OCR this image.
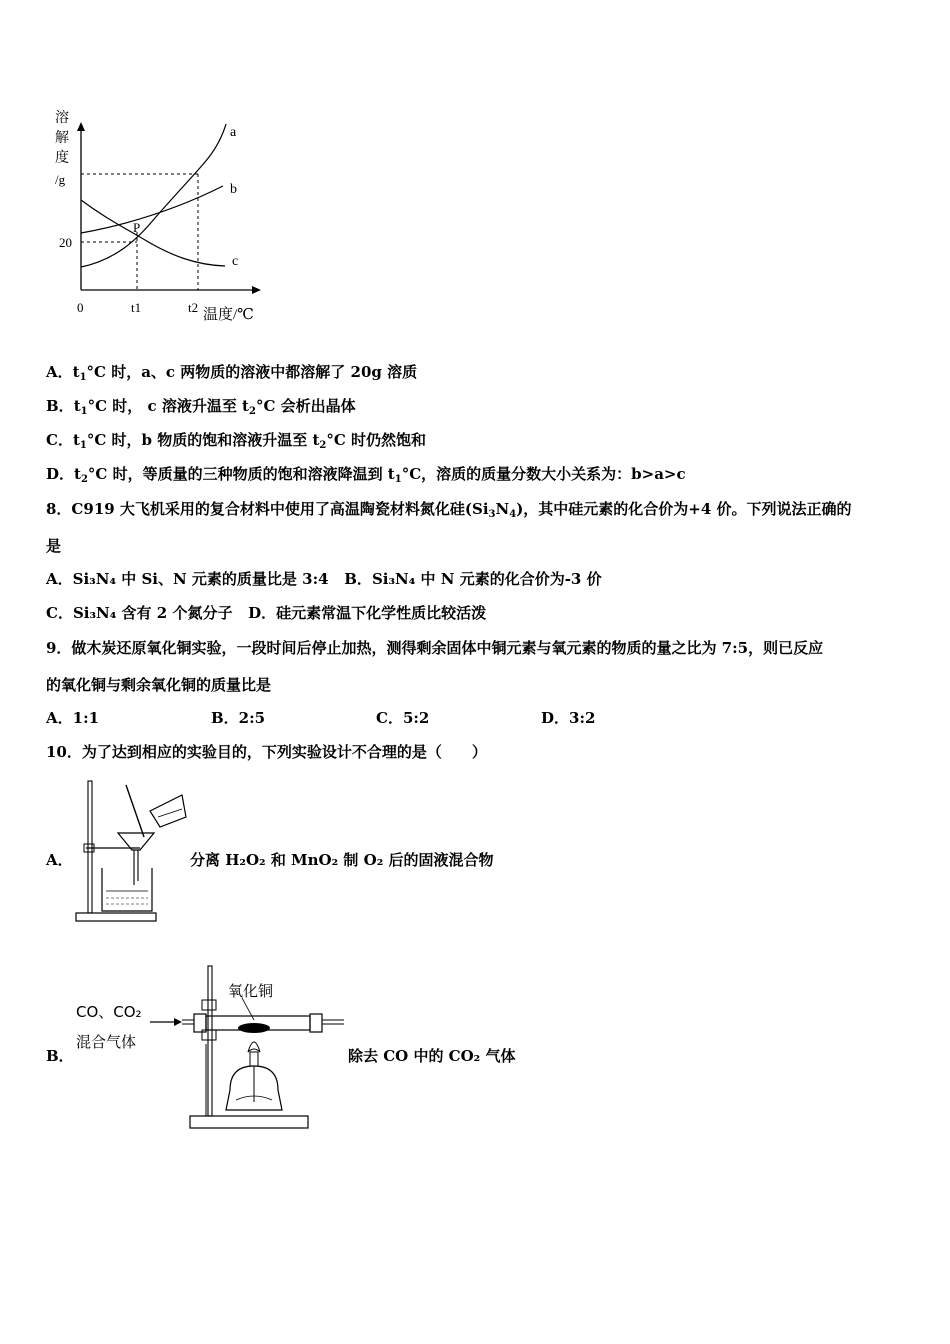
溶
解
度
/g
20
a
b
c
P
0	t1	t2 温度/℃
A．$t_1^\circ C$ 时，a、c 两物质的溶液中都溶解了 20g 溶质
B．$t_1^\circ C$ 时， c 溶液升温至 $t_2^\circ C$ 会析出晶体
C．$t_1^\circ C$ 时，b 物质的饱和溶液升温至 $t_2^\circ C$ 时仍然饱和
D．$t_2^\circ C$ 时，等质量的三种物质的饱和溶液降温到 $t_1^\circ C$，溶质的质量分数大小关系为：b>a>c
8．C919 大飞机采用的复合材料中使用了高温陶瓷材料氮化硅$(Si_3N_4)$，其中硅元素的化合价为+4 价。下列说法正确的
是
A．Si₃N₄ 中 Si、N 元素的质量比是 3:4 B．Si₃N₄ 中 N 元素的化合价为-3 价
C．Si₃N₄ 含有 2 个氮分子 D．硅元素常温下化学性质比较活泼
9．做木炭还原氧化铜实验，一段时间后停止加热，测得剩余固体中铜元素与氧元素的物质的量之比为 7:5，则已反应
的氧化铜与剩余氧化铜的质量比是
A．1:1	B．2:5	C．5:2	D．3:2
10．为了达到相应的实验目的，下列实验设计不合理的是（　　）
A．	分离 H₂O₂ 和 MnO₂ 制 O₂ 后的固液混合物
B．
CO、CO₂
混合气体
氧化铜
除去 CO 中的 CO₂ 气体
